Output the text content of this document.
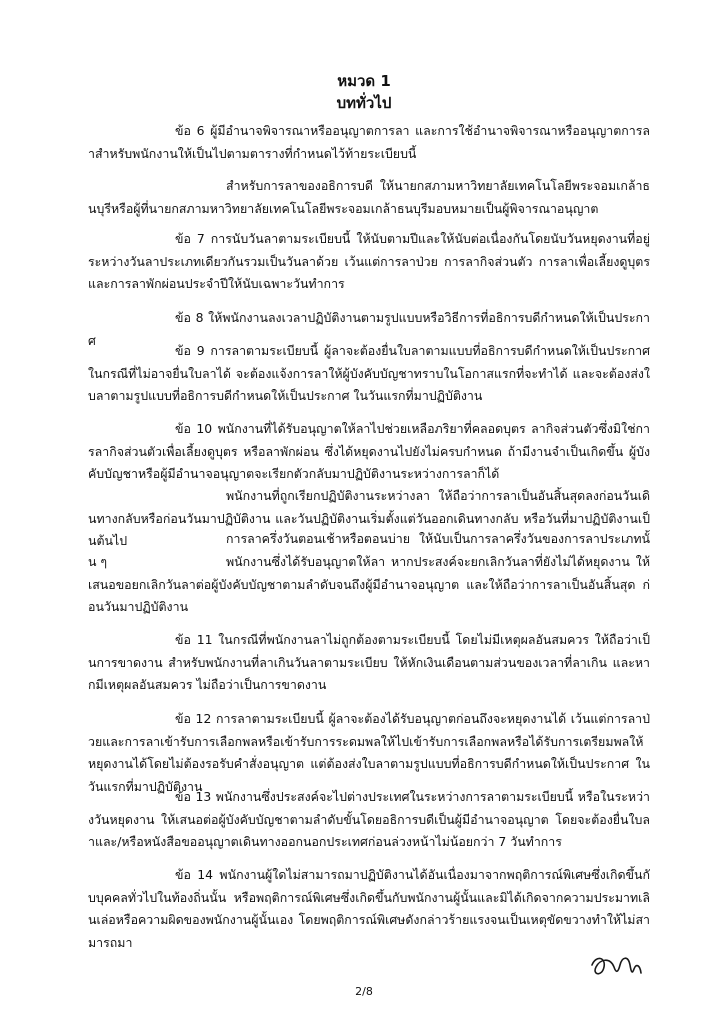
หมวด 1
บททั่วไป
ข้อ 6 ผู้มีอำนาจพิจารณาหรืออนุญาตการลา และการใช้อำนาจพิจารณาหรืออนุญาตการลาสำหรับพนักงานให้เป็นไปตามตารางที่กำหนดไว้ท้ายระเบียบนี้
สำหรับการลาของอธิการบดี ให้นายกสภามหาวิทยาลัยเทคโนโลยีพระจอมเกล้าธนบุรีหรือผู้ที่นายกสภามหาวิทยาลัยเทคโนโลยีพระจอมเกล้าธนบุรีมอบหมายเป็นผู้พิจารณาอนุญาต
ข้อ 7 การนับวันลาตามระเบียบนี้ ให้นับตามปีและให้นับต่อเนื่องกันโดยนับวันหยุดงานที่อยู่ระหว่างวันลาประเภทเดียวกันรวมเป็นวันลาด้วย เว้นแต่การลาป่วย การลากิจส่วนตัว การลาเพื่อเลี้ยงดูบุตร และการลาพักผ่อนประจำปีให้นับเฉพาะวันทำการ
ข้อ 8 ให้พนักงานลงเวลาปฏิบัติงานตามรูปแบบหรือวิธีการที่อธิการบดีกำหนดให้เป็นประกาศ
ข้อ 9 การลาตามระเบียบนี้ ผู้ลาจะต้องยื่นใบลาตามแบบที่อธิการบดีกำหนดให้เป็นประกาศในกรณีที่ไม่อาจยื่นใบลาได้ จะต้องแจ้งการลาให้ผู้บังคับบัญชาทราบในโอกาสแรกที่จะทำได้ และจะต้องส่งใบลาตามรูปแบบที่อธิการบดีกำหนดให้เป็นประกาศ ในวันแรกที่มาปฏิบัติงาน
ข้อ 10 พนักงานที่ได้รับอนุญาตให้ลาไปช่วยเหลือภริยาที่คลอดบุตร ลากิจส่วนตัวซึ่งมิใช่การลากิจส่วนตัวเพื่อเลี้ยงดูบุตร หรือลาพักผ่อน ซึ่งได้หยุดงานไปยังไม่ครบกำหนด ถ้ามีงานจำเป็นเกิดขึ้น ผู้บังคับบัญชาหรือผู้มีอำนาจอนุญาตจะเรียกตัวกลับมาปฏิบัติงานระหว่างการลาก็ได้
พนักงานที่ถูกเรียกปฏิบัติงานระหว่างลา ให้ถือว่าการลาเป็นอันสิ้นสุดลงก่อนวันเดินทางกลับหรือก่อนวันมาปฏิบัติงาน และวันปฏิบัติงานเริ่มตั้งแต่วันออกเดินทางกลับ หรือวันที่มาปฏิบัติงานเป็นต้นไป	การลาครึ่งวันตอนเช้าหรือตอนบ่าย ให้นับเป็นการลาครึ่งวันของการลาประเภทนั้น ๆ	พนักงานซึ่งได้รับอนุญาตให้ลา หากประสงค์จะยกเลิกวันลาที่ยังไม่ได้หยุดงาน ให้เสนอขอยกเลิกวันลาต่อผู้บังคับบัญชาตามลำดับจนถึงผู้มีอำนาจอนุญาต และให้ถือว่าการลาเป็นอันสิ้นสุด ก่อนวันมาปฏิบัติงาน
ข้อ 11 ในกรณีที่พนักงานลาไม่ถูกต้องตามระเบียบนี้ โดยไม่มีเหตุผลอันสมควร ให้ถือว่าเป็นการขาดงาน สำหรับพนักงานที่ลาเกินวันลาตามระเบียบ ให้หักเงินเดือนตามส่วนของเวลาที่ลาเกิน และหากมีเหตุผลอันสมควร ไม่ถือว่าเป็นการขาดงาน
ข้อ 12 การลาตามระเบียบนี้ ผู้ลาจะต้องได้รับอนุญาตก่อนถึงจะหยุดงานได้ เว้นแต่การลาป่วยและการลาเข้ารับการเลือกพลหรือเข้ารับการระดมพลให้ไปเข้ารับการเลือกพลหรือได้รับการเตรียมพลให้หยุดงานได้โดยไม่ต้องรอรับคำสั่งอนุญาต แต่ต้องส่งใบลาตามรูปแบบที่อธิการบดีกำหนดให้เป็นประกาศ ในวันแรกที่มาปฏิบัติงาน
ข้อ 13 พนักงานซึ่งประสงค์จะไปต่างประเทศในระหว่างการลาตามระเบียบนี้ หรือในระหว่างวันหยุดงาน ให้เสนอต่อผู้บังคับบัญชาตามลำดับขั้นโดยอธิการบดีเป็นผู้มีอำนาจอนุญาต โดยจะต้องยื่นใบลาและ/หรือหนังสือขออนุญาตเดินทางออกนอกประเทศก่อนล่วงหน้าไม่น้อยกว่า 7 วันทำการ
ข้อ 14 พนักงานผู้ใดไม่สามารถมาปฏิบัติงานได้อันเนื่องมาจากพฤติการณ์พิเศษซึ่งเกิดขึ้นกับบุคคลทั่วไปในท้องถิ่นนั้น หรือพฤติการณ์พิเศษซึ่งเกิดขึ้นกับพนักงานผู้นั้นและมิได้เกิดจากความประมาทเลินเล่อหรือความผิดของพนักงานผู้นั้นเอง โดยพฤติการณ์พิเศษดังกล่าวร้ายแรงจนเป็นเหตุขัดขวางทำให้ไม่สามารถมา
2/8
